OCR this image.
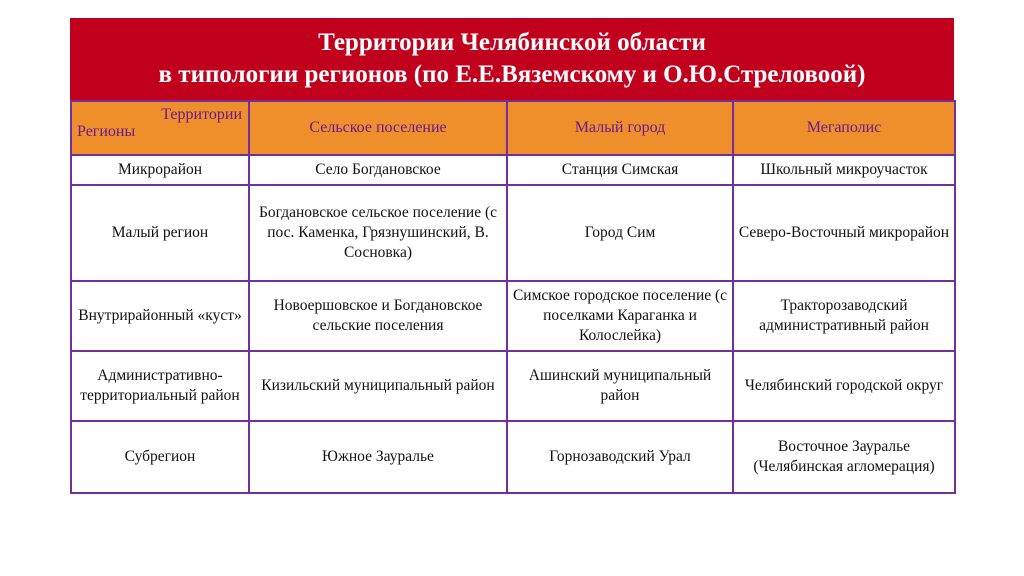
Территории Челябинской области
в типологии регионов (по Е.Е.Вяземскому и О.Ю.Стреловоой)
Территории
Регионы	Сельское поселение	Малый город	Мегаполис
Микрорайон	Село Богдановское	Станция Симская	Школьный микроучасток
Малый регион	Богдановское сельское поселение (с пос. Каменка, Грязнушинский, В. Сосновка)	Город Сим	Северо-Восточный микрорайон
Внутрирайонный «куст»	Новоершовское и Богдановское сельские поселения	Симское городское поселение (с поселками Караганка и Колослейка)	Тракторозаводский административный район
Административно-территориальный район	Кизильский муниципальный район	Ашинский муниципальный район	Челябинский городской округ
Субрегион	Южное Зауралье	Горнозаводский Урал	Восточное Зауралье (Челябинская агломерация)
